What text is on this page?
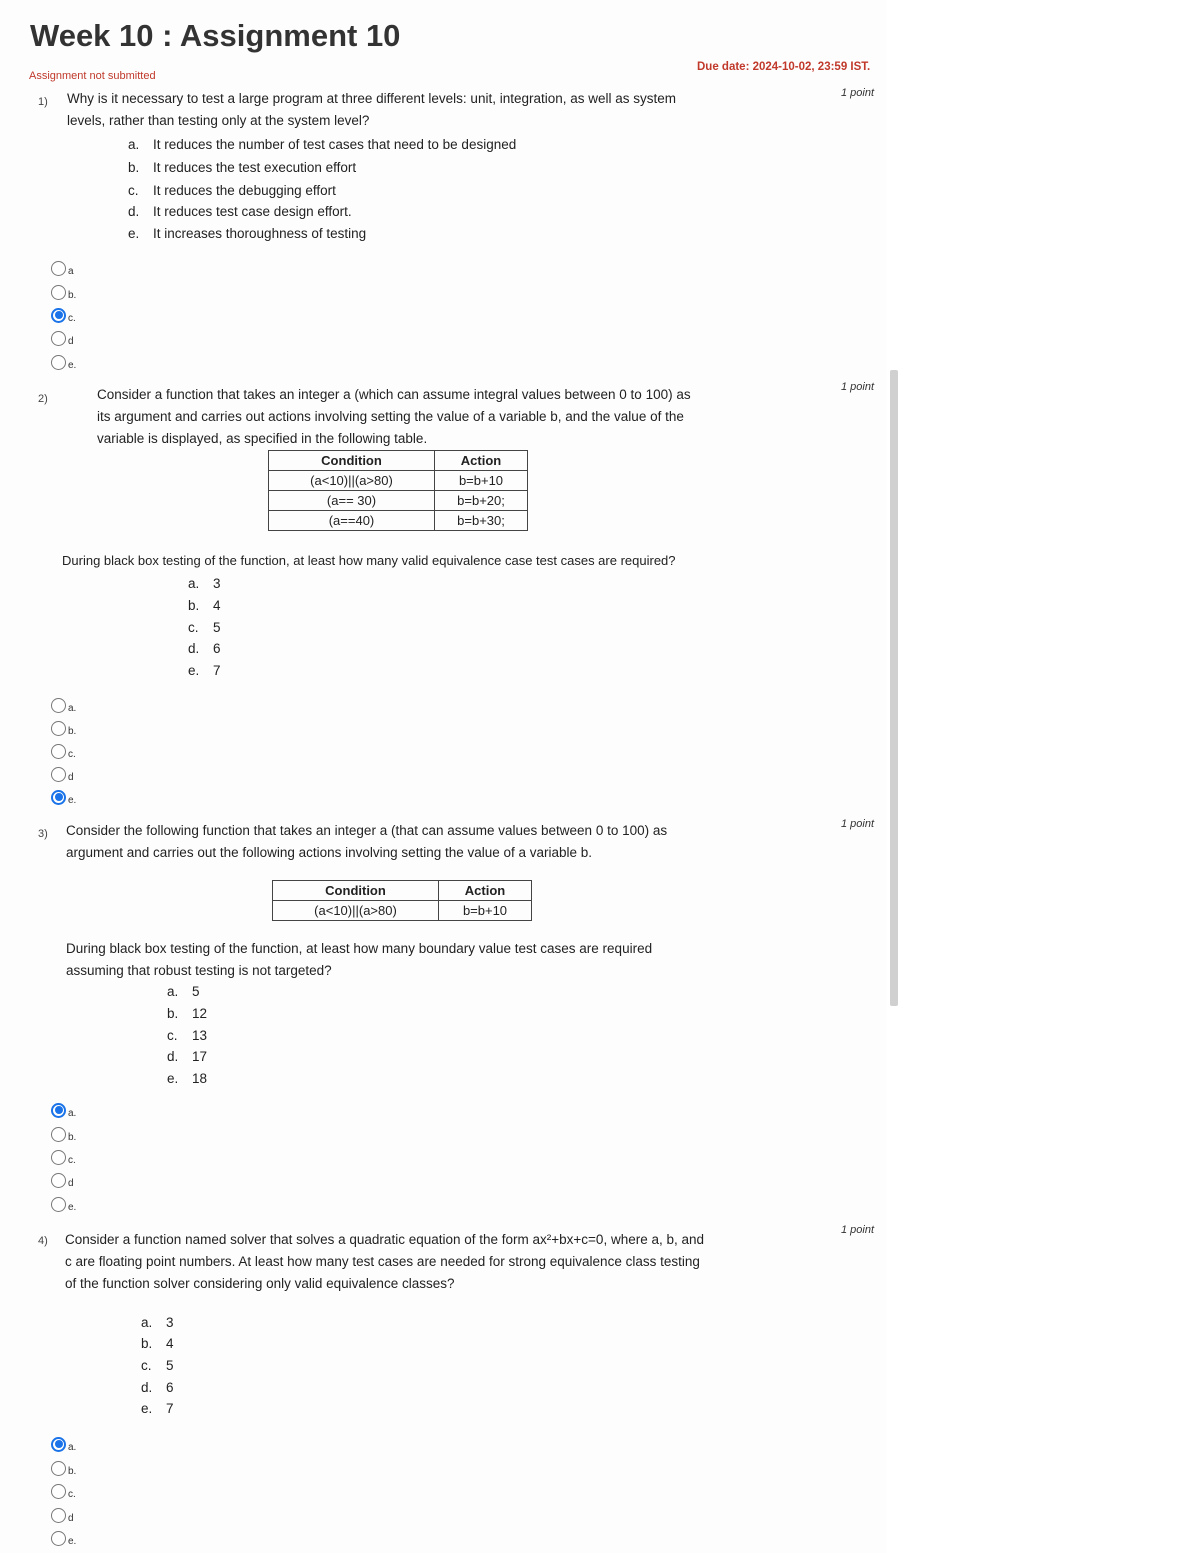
Week 10 : Assignment 10
Assignment not submitted
Due date: 2024-10-02, 23:59 IST.
1)
1 point
Why is it necessary to test a large program at three different levels: unit, integration, as well as system
levels, rather than testing only at the system level?
a. It reduces the number of test cases that need to be designed
b. It reduces the test execution effort
c. It reduces the debugging effort
d. It reduces test case design effort.
e. It increases thoroughness of testing
a
b.
c.
d
e.
2)
1 point
Consider a function that takes an integer a (which can assume integral values between 0 to 100) as
its argument and carries out actions involving setting the value of a variable b, and the value of the
variable is displayed, as specified in the following table.
Condition	Action
(a<10)||(a>80)	b=b+10
(a== 30)	b=b+20;
(a==40)	b=b+30;
During black box testing of the function, at least how many valid equivalence case test cases are required?
a. 3
b. 4
c. 5
d. 6
e. 7
a.
b.
c.
d
e.
3)
1 point
Consider the following function that takes an integer a (that can assume values between 0 to 100) as
argument and carries out the following actions involving setting the value of a variable b.
Condition	Action
(a<10)||(a>80)	b=b+10
During black box testing of the function, at least how many boundary value test cases are required
assuming that robust testing is not targeted?
a. 5
b. 12
c. 13
d. 17
e. 18
a.
b.
c.
d
e.
4)
1 point
Consider a function named solver that solves a quadratic equation of the form ax²+bx+c=0, where a, b, and
c are floating point numbers. At least how many test cases are needed for strong equivalence class testing
of the function solver considering only valid equivalence classes?
a. 3
b. 4
c. 5
d. 6
e. 7
a.
b.
c.
d
e.
